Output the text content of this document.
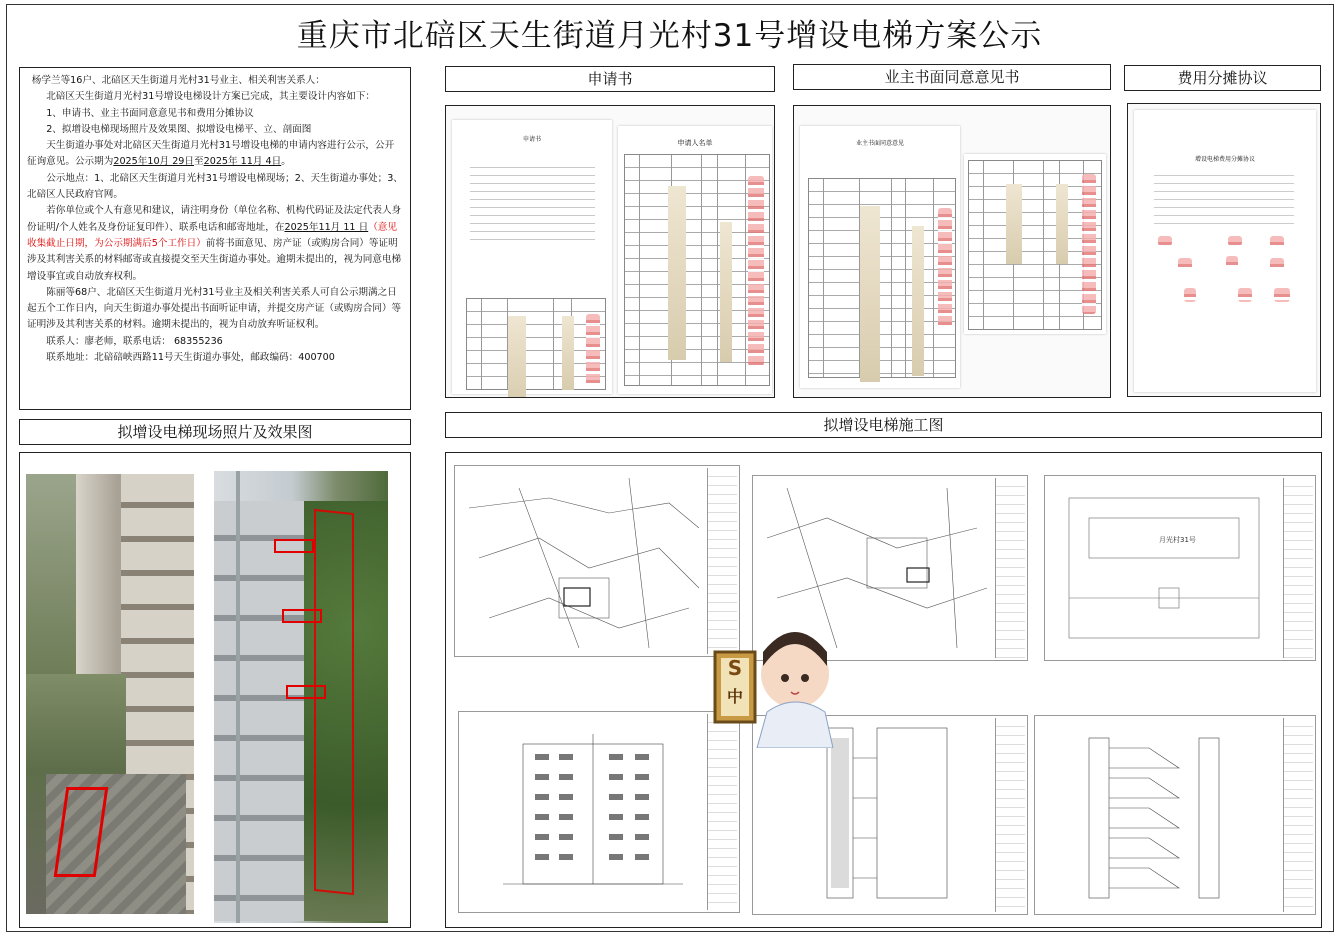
重庆市北碚区天生街道月光村31号增设电梯方案公示

杨学兰等16户、北碚区天生街道月光村31号业主、相关利害关系人：

北碚区天生街道月光村31号增设电梯设计方案已完成，其主要设计内容如下：

1、申请书、业主书面同意意见书和费用分摊协议

2、拟增设电梯现场照片及效果图、拟增设电梯平、立、剖面图

天生街道办事处对北碚区天生街道月光村31号增设电梯的申请内容进行公示，公开征询意见。公示期为2025年10月 29日至2025年 11月 4日。

公示地点：1、北碚区天生街道月光村31号增设电梯现场；2、天生街道办事处；3、北碚区人民政府官网。

若你单位或个人有意见和建议，请注明身份（单位名称、机构代码证及法定代表人身份证明/个人姓名及身份证复印件）、联系电话和邮寄地址，在2025年11月 11 日（意见收集截止日期，为公示期满后5个工作日）前将书面意见、房产证（或购房合同）等证明涉及其利害关系的材料邮寄或直接提交至天生街道办事处。逾期未提出的，视为同意电梯增设事宜或自动放弃权利。

陈丽等68户、北碚区天生街道月光村31号业主及相关利害关系人可自公示期满之日起五个工作日内，向天生街道办事处提出书面听证申请，并提交房产证（或购房合同）等证明涉及其利害关系的材料。逾期未提出的，视为自动放弃听证权利。

联系人：廖老师，联系电话： 68355236

联系地址：北碚碚峡西路11号天生街道办事处，邮政编码：400700

申请书	业主书面同意意见书	费用分摊协议
拟增设电梯现场照片及效果图	拟增设电梯施工图
申请书	申请人名单	业主书面同意意见
增设电梯费用分摊协议
月光村31号
S
中
